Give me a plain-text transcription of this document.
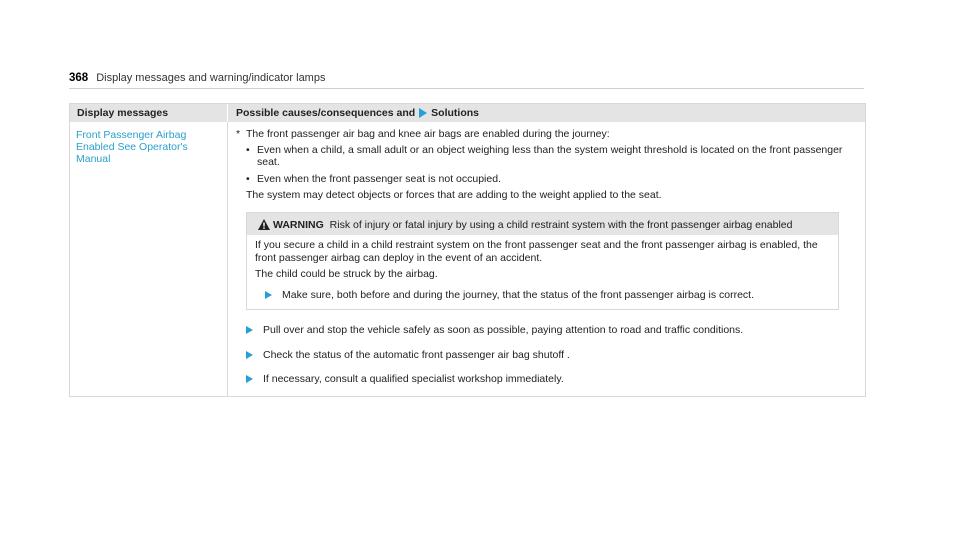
368 Display messages and warning/indicator lamps
Display messages	Possible causes/consequences and Solutions
Front Passenger Airbag Enabled See Operator's Manual
* The front passenger air bag and knee air bags are enabled during the journey:
• Even when a child, a small adult or an object weighing less than the system weight threshold is located on the front passenger seat.
• Even when the front passenger seat is not occupied.
The system may detect objects or forces that are adding to the weight applied to the seat.
WARNING Risk of injury or fatal injury by using a child restraint system with the front passenger airbag enabled

If you secure a child in a child restraint system on the front passenger seat and the front passenger airbag is enabled, the front passenger airbag can deploy in the event of an accident.

The child could be struck by the airbag.

Make sure, both before and during the journey, that the status of the front passenger airbag is correct.
Pull over and stop the vehicle safely as soon as possible, paying attention to road and traffic conditions.
Check the status of the automatic front passenger air bag shutoff .
If necessary, consult a qualified specialist workshop immediately.
